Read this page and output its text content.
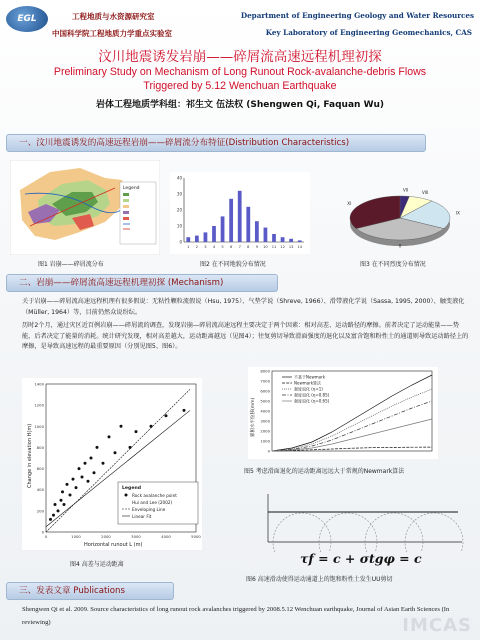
EGL	工程地质与水资源研究室
中国科学院工程地质力学重点实验室
Department of Engineering Geology and Water Resources
Key Laboratory of Engineering Geomechanics, CAS
汶川地震诱发岩崩——碎屑流高速远程机理初探
Preliminary Study on Mechanism of Long Runout Rock-avalanche-debris Flows
Triggered by 5.12 Wenchuan Earthquake
岩体工程地质学科组：祁生文 伍法权 (Shengwen Qi, Faquan Wu)
一、汶川地震诱发的高速远程岩崩——碎屑流分布特征(Distribution Characteristics)
Legend
图1 岩崩——碎屑流分布
0
10
20
30
40
1 2 3 4 5 6 7 8 9 10 11 12 13 14
图2 在不同地貌分布情况
VII
VIII
IX
X
XI
图3 在不同烈度分布情况
二、岩崩——碎屑流高速远程机理初探 (Mechanism)
关于岩崩——碎屑流高速远程机理有很多假说：无粘性颗粒流假说（Hsu, 1975）、气垫学说（Shreve, 1966）、滑带液化学说（Sassa, 1995, 2000）、触变液化（Müller, 1964）等，目前仍然众说纷纭。
历时2个月，通过灾区近百例岩崩——碎屑流的调查，发现岩崩—碎屑流高速远程主要决定于两个因素：相对高差、运动路径的摩擦。前者决定了运动能量——势能，后者决定了能量的消耗。统计研究发现，相对高差越大，运动距离越远（见图4）；往复剪切导致滑面强度的退化以及富含饱和粉性土的通道则导致运动路径上的摩擦，是导致高速远程的最重要原因（分别见图5、图6）。
0
200
400
600
800
1000
1200
1400
0	1000	2000	3000	4000	5000
Change in elevation H(m)
Horizontal runout L (m)
Legend
Rock avalanche point
Hui and Lee (2002)
Enveloping Line
Linear Fit
图4 高差与运动距离
0
1000
2000
3000
4000
5000
6000
7000
8000
累积水平位移(mm)
不基于Newmark
Newmark算法
强度退化 (η=1)
强度退化 (η=0.85)
强度退化 (η=0.65)
图5 考虑滑面退化的运动距离远远大于常规的Newmark算法
τf = c + σtgφ = c
图6 高速滑动使得运动通道上的饱和粉性土发生UU剪切
三、发表文章 Publications
Shengwen Qi et al. 2009. Source characteristics of long runout rock avalanches triggered by 2008.5.12 Wenchuan earthquake, Journal of Asian Earth Sciences (In reviewing)	IMCAS
